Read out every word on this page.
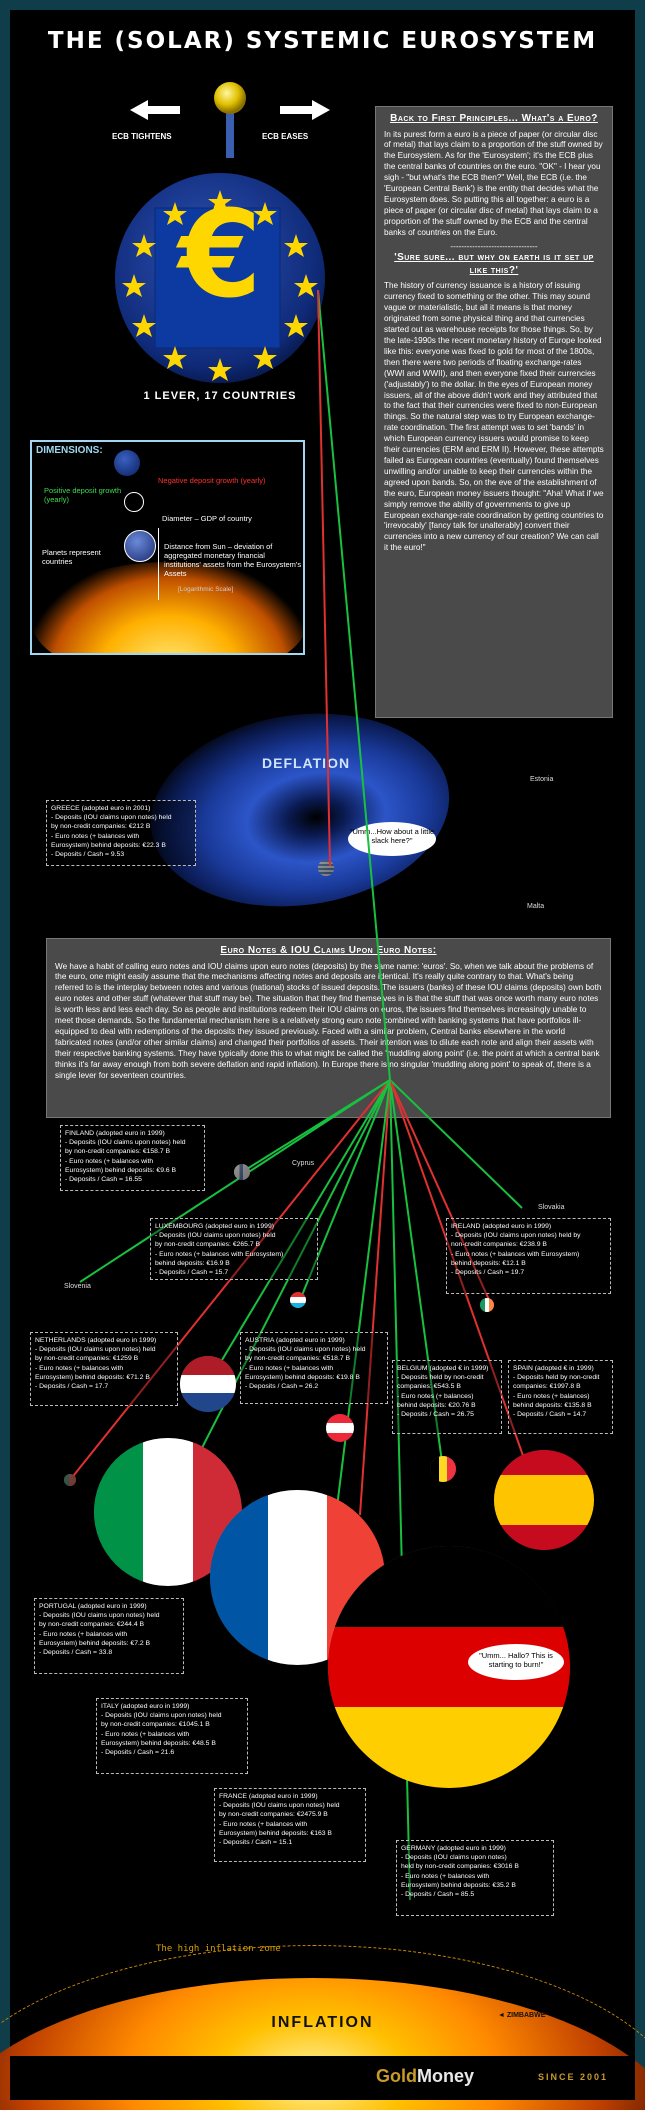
THE (SOLAR) SYSTEMIC EUROSYSTEM
ECB TIGHTENS	ECB EASES
€
1 LEVER, 17 COUNTRIES
DIMENSIONS:
Positive deposit growth (yearly)
Negative deposit growth (yearly)
Diameter – GDP of country
Planets represent countries
Distance from Sun – deviation of aggregated monetary financial institutions' assets from the Eurosystem's Assets
[Logarithmic Scale]
Back to First Principles... What's a Euro?

In its purest form a euro is a piece of paper (or circular disc of metal) that lays claim to a proportion of the stuff owned by the Eurosystem. As for the 'Eurosystem'; it's the ECB plus the central banks of countries on the euro. "OK" - I hear you sigh - "but what's the ECB then?" Well, the ECB (i.e. the 'European Central Bank') is the entity that decides what the Eurosystem does. So putting this all together: a euro is a piece of paper (or circular disc of metal) that lays claim to a proportion of the stuff owned by the ECB and the central banks of countries on the Euro.

--------------------------------

'Sure sure... but why on earth is it set up like this?'

The history of currency issuance is a history of issuing currency fixed to something or the other. This may sound vague or materialistic, but all it means is that money originated from some physical thing and that currencies started out as warehouse receipts for those things. So, by the late-1990s the recent monetary history of Europe looked like this: everyone was fixed to gold for most of the 1800s, then there were two periods of floating exchange-rates (WWI and WWII), and then everyone fixed their currencies ('adjustably') to the dollar. In the eyes of European money issuers, all of the above didn't work and they attributed that to the fact that their currencies were fixed to non-European things. So the natural step was to try European exchange-rate coordination. The first attempt was to set 'bands' in which European currency issuers would promise to keep their currencies (ERM and ERM II). However, these attempts failed as European countries (eventually) found themselves unwilling and/or unable to keep their currencies within the agreed upon bands. So, on the eve of the establishment of the euro, European money issuers thought: "Aha! What if we simply remove the ability of governments to give up European exchange-rate coordination by getting countries to 'irrevocably' [fancy talk for unalterably] convert their currencies into a new currency of our creation? We can call it the euro!"

DEFLATION
Estonia
Malta
"Umm...How about a little slack here?"
GREECE (adopted euro in 2001)
- Deposits (IOU claims upon notes) held
by non-credit companies: €212 B
- Euro notes (+ balances with
Eurosystem) behind deposits: €22.3 B
- Deposits / Cash = 9.53
Euro Notes & IOU Claims Upon Euro Notes:

We have a habit of calling euro notes and IOU claims upon euro notes (deposits) by the same name: 'euros'. So, when we talk about the problems of the euro, one might easily assume that the mechanisms affecting notes and deposits are identical. It's really quite contrary to that. What's being referred to is the interplay between notes and various (national) stocks of issued deposits. The issuers (banks) of these IOU claims (deposits) own both euro notes and other stuff (whatever that stuff may be). The situation that they find themselves in is that the stuff that was once worth many euro notes is worth less and less each day. So as people and institutions redeem their IOU claims on euros, the issuers find themselves increasingly unable to meet those demands. So the fundamental mechanism here is a relatively strong euro note combined with banking systems that have portfolios ill-equipped to deal with redemptions of the deposits they issued previously. Faced with a similar problem, Central banks elsewhere in the world fabricated notes (and/or other similar claims) and changed their portfolios of assets. Their intention was to dilute each note and align their assets with their respective banking systems. They have typically done this to what might be called the 'muddling along point' (i.e. the point at which a central bank thinks it's far away enough from both severe deflation and rapid inflation). In Europe there is no singular 'muddling along point' to speak of, there is a single lever for seventeen countries.

FINLAND (adopted euro in 1999)
- Deposits (IOU claims upon notes) held
by non-credit companies: €158.7 B
- Euro notes (+ balances with
Eurosystem) behind deposits: €9.6 B
- Deposits / Cash = 16.55
Cyprus
LUXEMBOURG (adopted euro in 1999)
- Deposits (IOU claims upon notes) held
by non-credit companies: €265.7 B
- Euro notes (+ balances with Eurosystem)
behind deposits: €16.9 B
- Deposits / Cash = 15.7
Slovenia
Slovakia
IRELAND (adopted euro in 1999)
- Deposits (IOU claims upon notes) held by
non-credit companies: €238.9 B
- Euro notes (+ balances with Eurosystem)
behind deposits: €12.1 B
- Deposits / Cash = 19.7
NETHERLANDS (adopted euro in 1999)
- Deposits (IOU claims upon notes) held
by non-credit companies: €1259 B
- Euro notes (+ balances with
Eurosystem) behind deposits: €71.2 B
- Deposits / Cash = 17.7
AUSTRIA (adopted euro in 1999)
- Deposits (IOU claims upon notes) held
by non-credit companies: €518.7 B
- Euro notes (+ balances with
Eurosystem) behind deposits: €19.8 B
- Deposits / Cash = 26.2
BELGIUM (adopted € in 1999)
- Deposits held by non-credit
companies: €543.5 B
- Euro notes (+ balances)
behind deposits: €20.76 B
- Deposits / Cash = 26.75
SPAIN (adopted € in 1999)
- Deposits held by non-credit
companies: €1997.8 B
- Euro notes (+ balances)
behind deposits: €135.8 B
- Deposits / Cash = 14.7
"Umm... Hallo? This is starting to burn!"
PORTUGAL (adopted euro in 1999)
- Deposits (IOU claims upon notes) held
by non-credit companies: €244.4 B
- Euro notes (+ balances with
Eurosystem) behind deposits: €7.2 B
- Deposits / Cash = 33.8
ITALY (adopted euro in 1999)
- Deposits (IOU claims upon notes) held
by non-credit companies: €1045.1 B
- Euro notes (+ balances with
Eurosystem) behind deposits: €48.5 B
- Deposits / Cash = 21.6
FRANCE (adopted euro in 1999)
- Deposits (IOU claims upon notes) held
by non-credit companies: €2475.9 B
- Euro notes (+ balances with
Eurosystem) behind deposits: €163 B
- Deposits / Cash = 15.1
GERMANY (adopted euro in 1999)
- Deposits (IOU claims upon notes)
held by non-credit companies: €3016 B
- Euro notes (+ balances with
Eurosystem) behind deposits: €35.2 B
- Deposits / Cash = 85.5
The high inflation zone
INFLATION	◄ ZIMBABWE
GoldMoney	SINCE 2001
